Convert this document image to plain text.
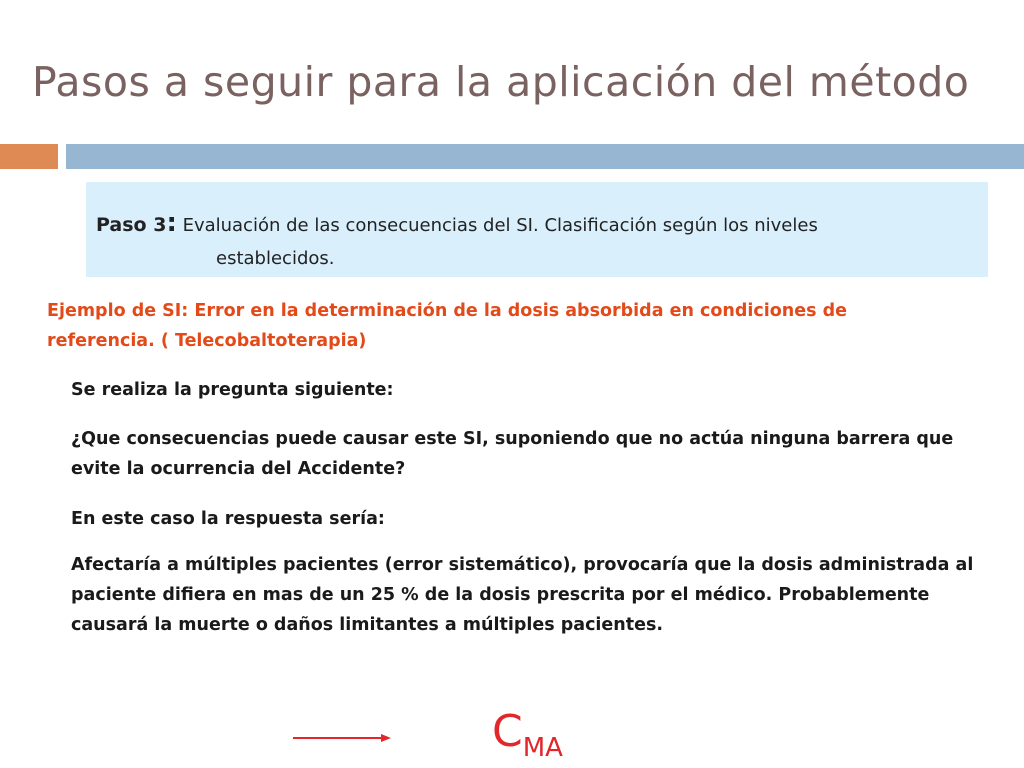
Pasos a seguir para la aplicación del método
Paso 3: Evaluación de las consecuencias del SI. Clasificación según los niveles
establecidos.
Ejemplo de SI: Error en la determinación de la dosis absorbida en condiciones de referencia. ( Telecobaltoterapia)
Se realiza la pregunta siguiente:
¿Que consecuencias puede causar este SI, suponiendo que no actúa ninguna barrera que evite la ocurrencia del Accidente?
En este caso la respuesta sería:
Afectaría a múltiples pacientes (error sistemático), provocaría que la dosis administrada al paciente difiera en mas de un 25 % de la dosis prescrita por el médico. Probablemente causará la muerte o daños limitantes a múltiples pacientes.
CMA
